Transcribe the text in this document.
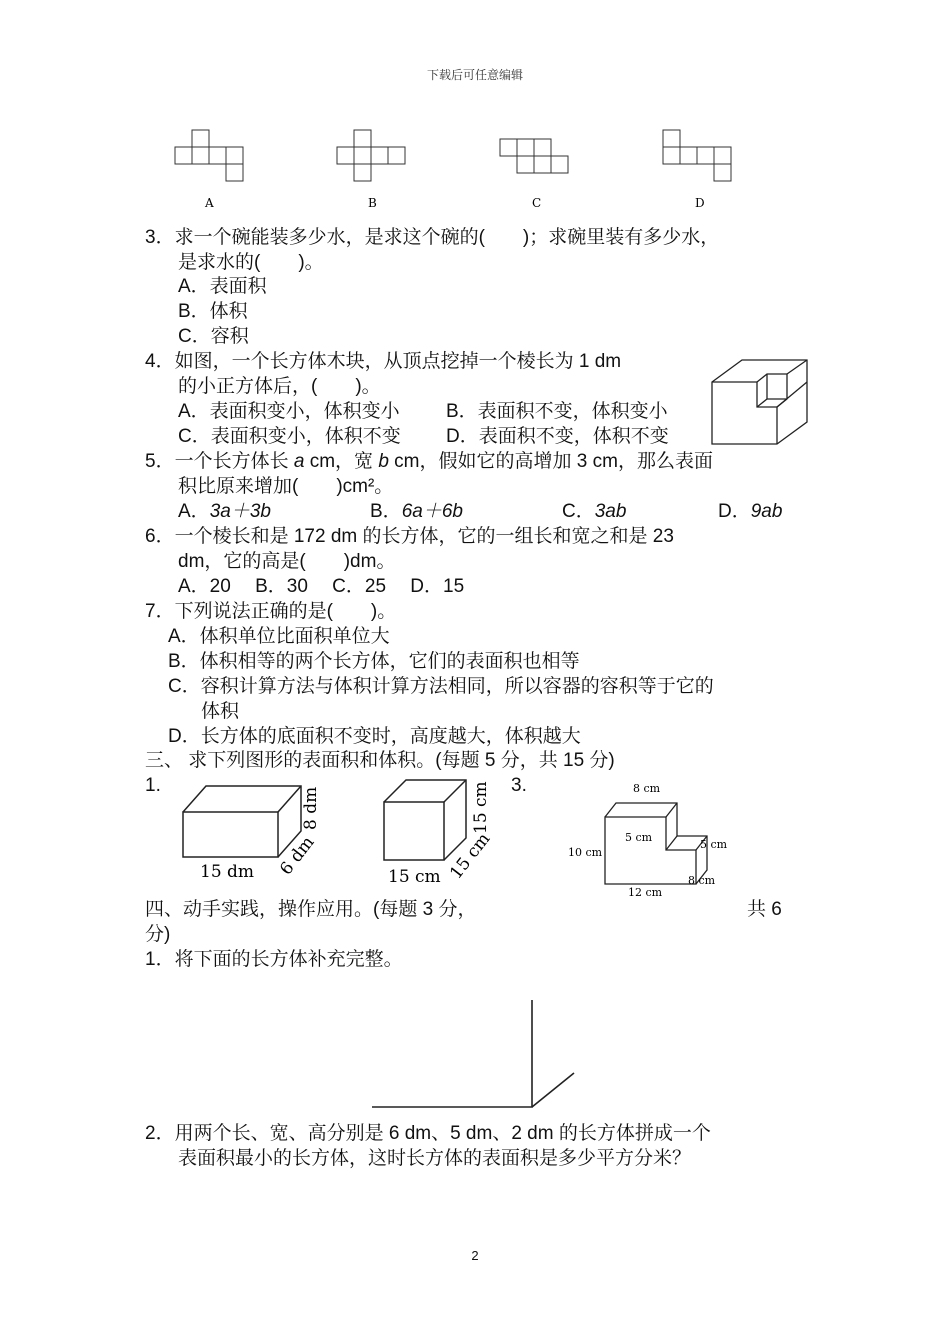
下载后可任意编辑
A	B	C	D
3．求一个碗能装多少水，是求这个碗的(　　)；求碗里装有多少水，
是求水的(　　)。
A．表面积
B．体积
C．容积
4．如图，一个长方体木块，从顶点挖掉一个棱长为 1 dm
的小正方体后，(　　)。
A．表面积变小，体积变小 B．表面积不变，体积变小
C．表面积变小，体积不变 D．表面积不变，体积不变
5．一个长方体长 a cm，宽 b cm，假如它的高增加 3 cm，那么表面
积比原来增加(　　)cm²。
A．3a＋3b	B．6a＋6b	C．3ab	D．9ab
6．一个棱长和是 172 dm 的长方体，它的一组长和宽之和是 23
dm，它的高是(　　)dm。
A．20　 B．30　 C．25　 D．15
7．下列说法正确的是(　　)。
A．体积单位比面积单位大
B．体积相等的两个长方体，它们的表面积也相等
C．容积计算方法与体积计算方法相同，所以容器的容积等于它的
体积
D．长方体的底面积不变时，高度越大，体积越大
三、 求下列图形的表面积和体积。(每题 5 分，共 15 分)
1.	3.
15 dm
8 dm
6 dm	15 cm
15 cm
15 cm
8 cm
5 cm
5 cm
10 cm
12 cm
8 cm
四、动手实践，操作应用。(每题 3 分，	共 6
分)
1．将下面的长方体补充完整。
2．用两个长、宽、高分别是 6 dm、5 dm、2 dm 的长方体拼成一个
表面积最小的长方体，这时长方体的表面积是多少平方分米？
2
